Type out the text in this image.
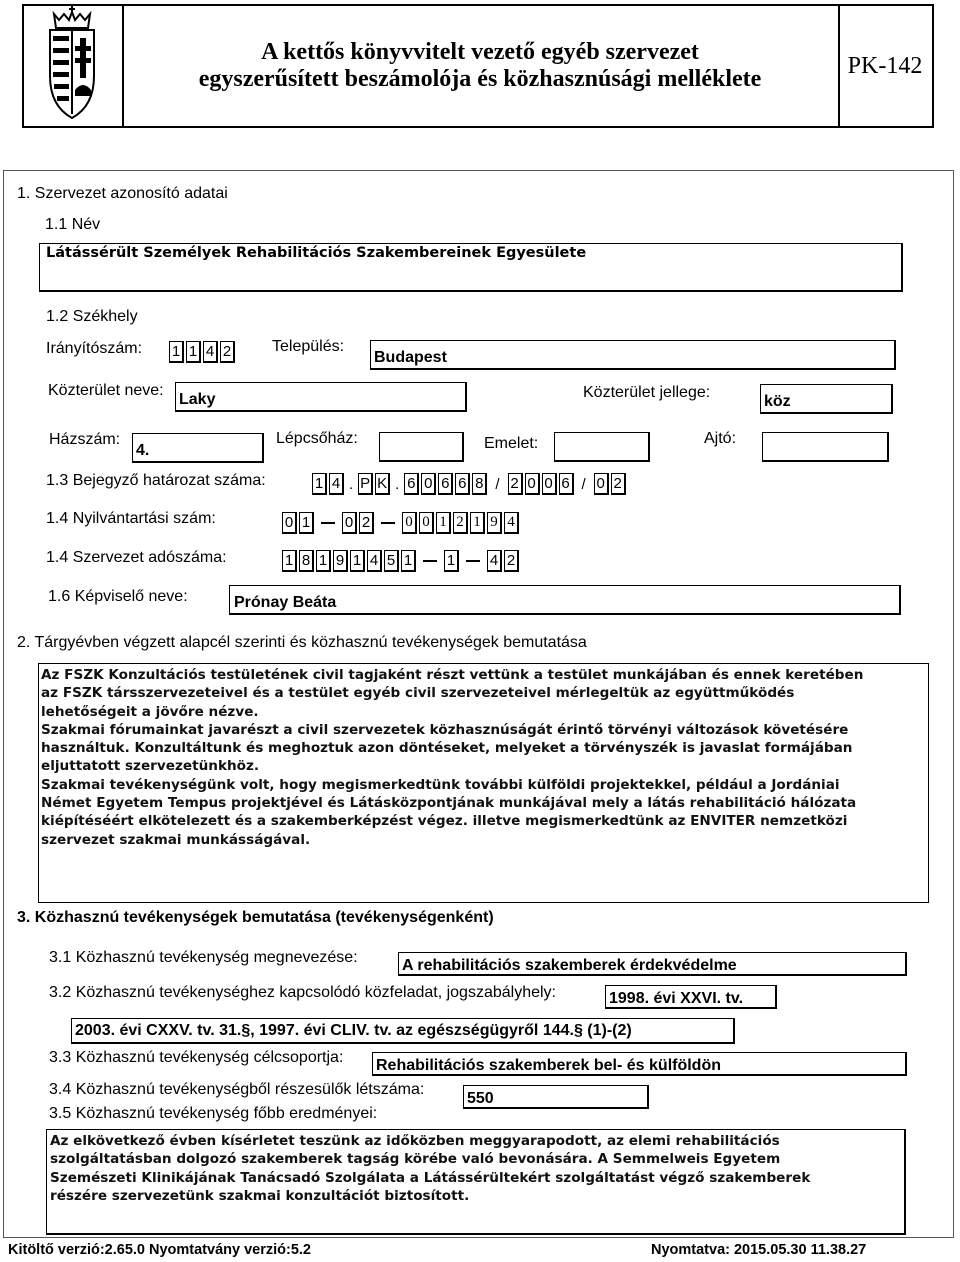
A kettős könyvvitelt vezető egyéb szervezet
egyszerűsített beszámolója és közhasznúsági melléklete
PK-142
1. Szervezet azonosító adatai
1.1 Név
Látássérült Személyek Rehabilitációs Szakembereinek Egyesülete
1.2 Székhely
Irányítószám: 1 1 4 2	Település:
Budapest
Közterület neve:
Laky	Közterület jellege:
köz
Házszám:
4.
Lépcsőház:	Emelet:	Ajtó:
1.3 Bejegyző határozat száma:	1 4 . P K . 6 0 6 6 8 / 2 0 0 6 / 0 2
1.4 Nyilvántartási szám:	0 1 0 2 0 0 1 2 1 9 4
1.4 Szervezet adószáma:	1 8 1 9 1 4 5 1 1 4 2
1.6 Képviselő neve:	Prónay Beáta
2. Tárgyévben végzett alapcél szerinti és közhasznú tevékenységek bemutatása
Az FSZK Konzultációs testületének civil tagjaként részt vettünk a testület munkájában és ennek keretében
az FSZK társszervezeteivel és a testület egyéb civil szervezeteivel mérlegeltük az együttműködés
lehetőségeit a jövőre nézve.
Szakmai fórumainkat javarészt a civil szervezetek közhasznúságát érintő törvényi változások követésére
használtuk. Konzultáltunk és meghoztuk azon döntéseket, melyeket a törvényszék is javaslat formájában
eljuttatott szervezetünkhöz.
Szakmai tevékenységünk volt, hogy megismerkedtünk további külföldi projektekkel, például a Jordániai
Német Egyetem Tempus projektjével és Látásközpontjának munkájával mely a látás rehabilitáció hálózata
kiépítéséért elkötelezett és a szakemberképzést végez. illetve megismerkedtünk az ENVITER nemzetközi
szervezet szakmai munkásságával.
3. Közhasznú tevékenységek bemutatása (tevékenységenként)
3.1 Közhasznú tevékenység megnevezése:	A rehabilitációs szakemberek érdekvédelme
3.2 Közhasznú tevékenységhez kapcsolódó közfeladat, jogszabályhely:	1998. évi XXVI. tv.
2003. évi CXXV. tv. 31.§, 1997. évi CLIV. tv. az egészségügyről 144.§ (1)-(2)
3.3 Közhasznú tevékenység célcsoportja: Rehabilitációs szakemberek bel- és külföldön
3.4 Közhasznú tevékenységből részesülők létszáma:
550
3.5 Közhasznú tevékenység főbb eredményei:
Az elkövetkező évben kísérletet teszünk az időközben meggyarapodott, az elemi rehabilitációs
szolgáltatásban dolgozó szakemberek tagság körébe való bevonására. A Semmelweis Egyetem
Szemészeti Klinikájának Tanácsadó Szolgálata a Látássérültekért szolgáltatást végző szakemberek
részére szervezetünk szakmai konzultációt biztosított.
Kitöltő verzió:2.65.0 Nyomtatvány verzió:5.2	Nyomtatva: 2015.05.30 11.38.27
